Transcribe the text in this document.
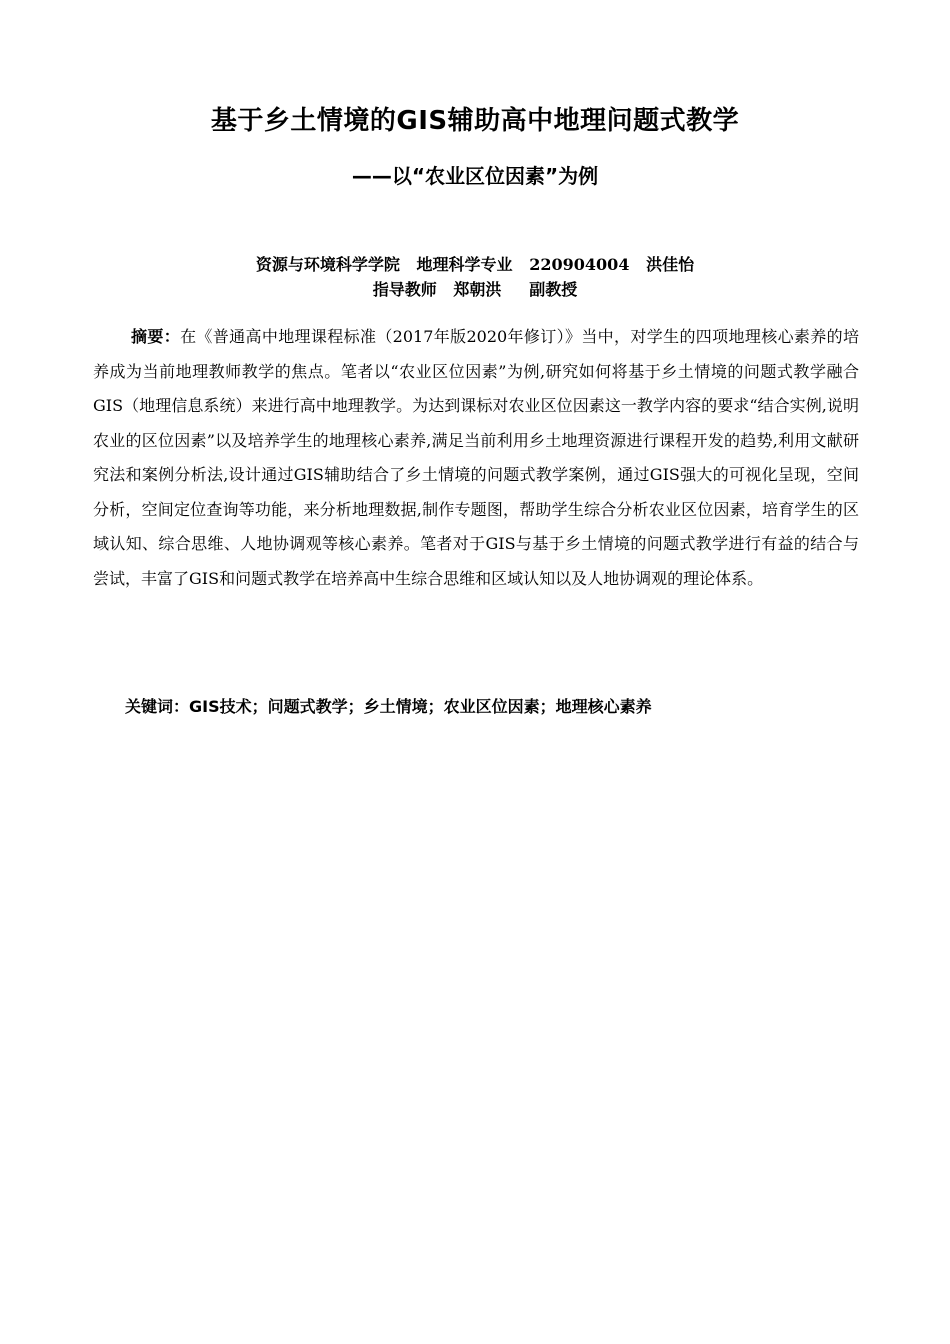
基于乡土情境的GIS辅助高中地理问题式教学
——以“农业区位因素”为例
资源与环境科学学院   地理科学专业   220904004   洪佳怡
指导教师   郑朝洪     副教授

摘要：在《普通高中地理课程标准（2017年版2020年修订）》当中，对学生的四项地理核心素养的培养成为当前地理教师教学的焦点。笔者以“农业区位因素”为例,研究如何将基于乡土情境的问题式教学融合GIS（地理信息系统）来进行高中地理教学。为达到课标对农业区位因素这一教学内容的要求“结合实例,说明农业的区位因素”以及培养学生的地理核心素养,满足当前利用乡土地理资源进行课程开发的趋势,利用文献研究法和案例分析法,设计通过GIS辅助结合了乡土情境的问题式教学案例，通过GIS强大的可视化呈现，空间分析，空间定位查询等功能，来分析地理数据,制作专题图，帮助学生综合分析农业区位因素，培育学生的区域认知、综合思维、人地协调观等核心素养。笔者对于GIS与基于乡土情境的问题式教学进行有益的结合与尝试，丰富了GIS和问题式教学在培养高中生综合思维和区域认知以及人地协调观的理论体系。

关键词：GIS技术；问题式教学；乡土情境；农业区位因素；地理核心素养
